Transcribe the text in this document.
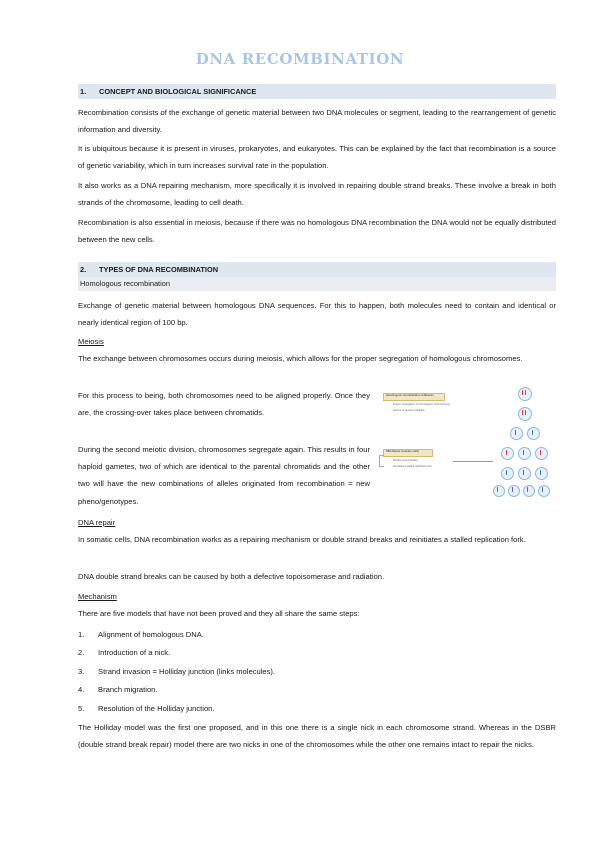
DNA RECOMBINATION
1. CONCEPT AND BIOLOGICAL SIGNIFICANCE

Recombination consists of the exchange of genetic material between two DNA molecules or segment, leading to the rearrangement of genetic information and diversity.

It is ubiquitous because it is present in viruses, prokaryotes, and eukaryotes. This can be explained by the fact that recombination is a source of genetic variability, which in turn increases survival rate in the population.

It also works as a DNA repairing mechanism, more specifically it is involved in repairing double strand breaks. These involve a break in both strands of the chromosome, leading to cell death.

Recombination is also essential in meiosis, because if there was no homologous DNA recombination the DNA would not be equally distributed between the new cells.

2. TYPES OF DNA RECOMBINATION
Homologous recombination

Exchange of genetic material between homologous DNA sequences. For this to happen, both molecules need to contain and identical or nearly identical region of 100 bp.

Meiosis

The exchange between chromosomes occurs during meiosis, which allows for the proper segregation of homologous chromosomes.

For this process to being, both chromosomes need to be aligned properly. Once they are, the crossing-over takes place between chromatids.

During the second meiotic division, chromosomes segregate again. This results in four haploid gametes, two of which are identical to the parental chromatids and the other two will have the new combinations of alleles originated from recombination = new pheno/genotypes.

Homologous recombination in Meiosis
Proper segregation of homologous chromosomes
Source of genetic variability
DNA Repair (somatic cells)
Double-strand breaks
Reinitiate a stalled replication fork
DNA repair

In somatic cells, DNA recombination works as a repairing mechanism or double strand breaks and reinitiates a stalled replication fork.

DNA double strand breaks can be caused by both a defective topoisomerase and radiation.

Mechanism

There are five models that have not been proved and they all share the same steps:

1. Alignment of homologous DNA.
2. Introduction of a nick.
3. Strand invasion = Holliday junction (links molecules).
4. Branch migration.
5. Resolution of the Holliday junction.

The Holliday model was the first one proposed, and in this one there is a single nick in each chromosome strand. Whereas in the DSBR (double strand break repair) model there are two nicks in one of the chromosomes while the other one remains intact to repair the nicks.
